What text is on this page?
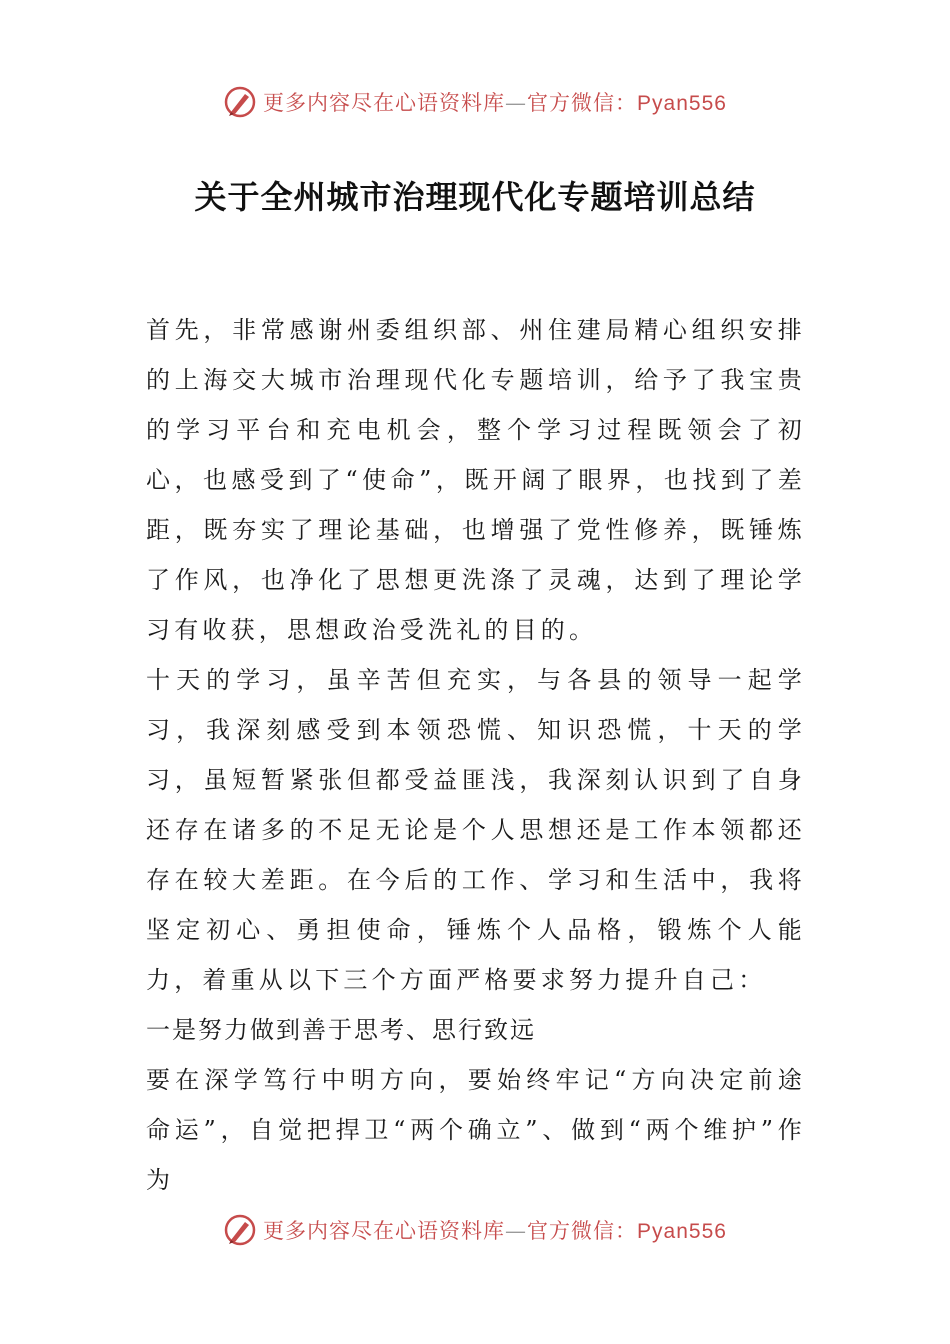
更多内容尽在心语资料库—官方微信：Pyan556
关于全州城市治理现代化专题培训总结

首先，非常感谢州委组织部、州住建局精心组织安排的上海交大城市治理现代化专题培训，给予了我宝贵的学习平台和充电机会，整个学习过程既领会了初心，也感受到了“使命”，既开阔了眼界，也找到了差距，既夯实了理论基础，也增强了党性修养，既锤炼了作风，也净化了思想更洗涤了灵魂，达到了理论学习有收获，思想政治受洗礼的目的。

十天的学习，虽辛苦但充实，与各县的领导一起学习，我深刻感受到本领恐慌、知识恐慌，十天的学习，虽短暂紧张但都受益匪浅，我深刻认识到了自身还存在诸多的不足无论是个人思想还是工作本领都还存在较大差距。在今后的工作、学习和生活中，我将坚定初心、勇担使命，锤炼个人品格，锻炼个人能力，着重从以下三个方面严格要求努力提升自己：

一是努力做到善于思考、思行致远

要在深学笃行中明方向，要始终牢记“方向决定前途命运”，自觉把捍卫“两个确立”、做到“两个维护”作为

更多内容尽在心语资料库—官方微信：Pyan556
